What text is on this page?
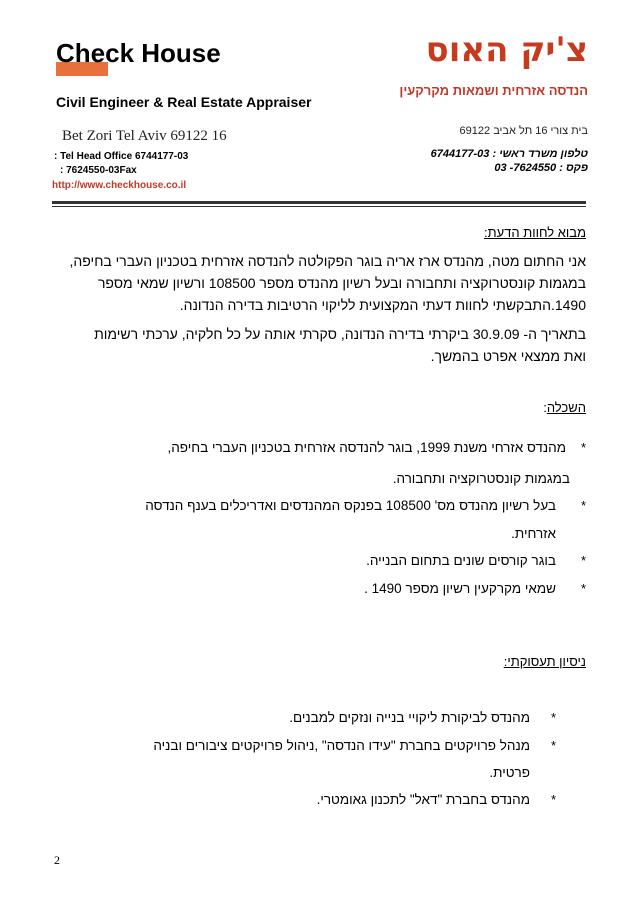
Check House
Civil Engineer & Real Estate Appraiser
Bet Zori Tel Aviv 69122 16
: Tel Head Office 6744177-03
: 7624550-03Fax
http://www.checkhouse.co.il
צ'יק האוס
הנדסה אזרחית ושמאות מקרקעין
בית צורי 16 תל אביב 69122
טלפון משרד ראשי : 6744177-03
פקס : 7624550- 03
מבוא לחוות הדעת:
אני החתום מטה, מהנדס ארז אריה בוגר הפקולטה להנדסה אזרחית בטכניון העברי בחיפה,
במגמות קונסטרוקציה ותחבורה ובעל רשיון מהנדס מספר 108500 ורשיון שמאי מספר
1490.התבקשתי לחוות דעתי המקצועית לליקוי הרטיבות בדירה הנדונה.
בתאריך ה- 30.9.09 ביקרתי בדירה הנדונה, סקרתי אותה על כל חלקיה, ערכתי רשימות
ואת ממצאי אפרט בהמשך.
השכלה:
*
מהנדס אזרחי משנת 1999, בוגר להנדסה אזרחית בטכניון העברי בחיפה,
במגמות קונסטרוקציה ותחבורה.
*
בעל רשיון מהנדס מס' 108500 בפנקס המהנדסים ואדריכלים בענף הנדסה
אזרחית.
*
בוגר קורסים שונים בתחום הבנייה.
*
שמאי מקרקעין רשיון מספר 1490 .
ניסיון תעסוקתי:
*
מהנדס לביקורת ליקויי בנייה ונזקים למבנים.
*
מנהל פרויקטים בחברת "עידו הנדסה" ,ניהול פרויקטים ציבורים ובניה
פרטית.
*
מהנדס בחברת "דאל" לתכנון גאומטרי.
2
